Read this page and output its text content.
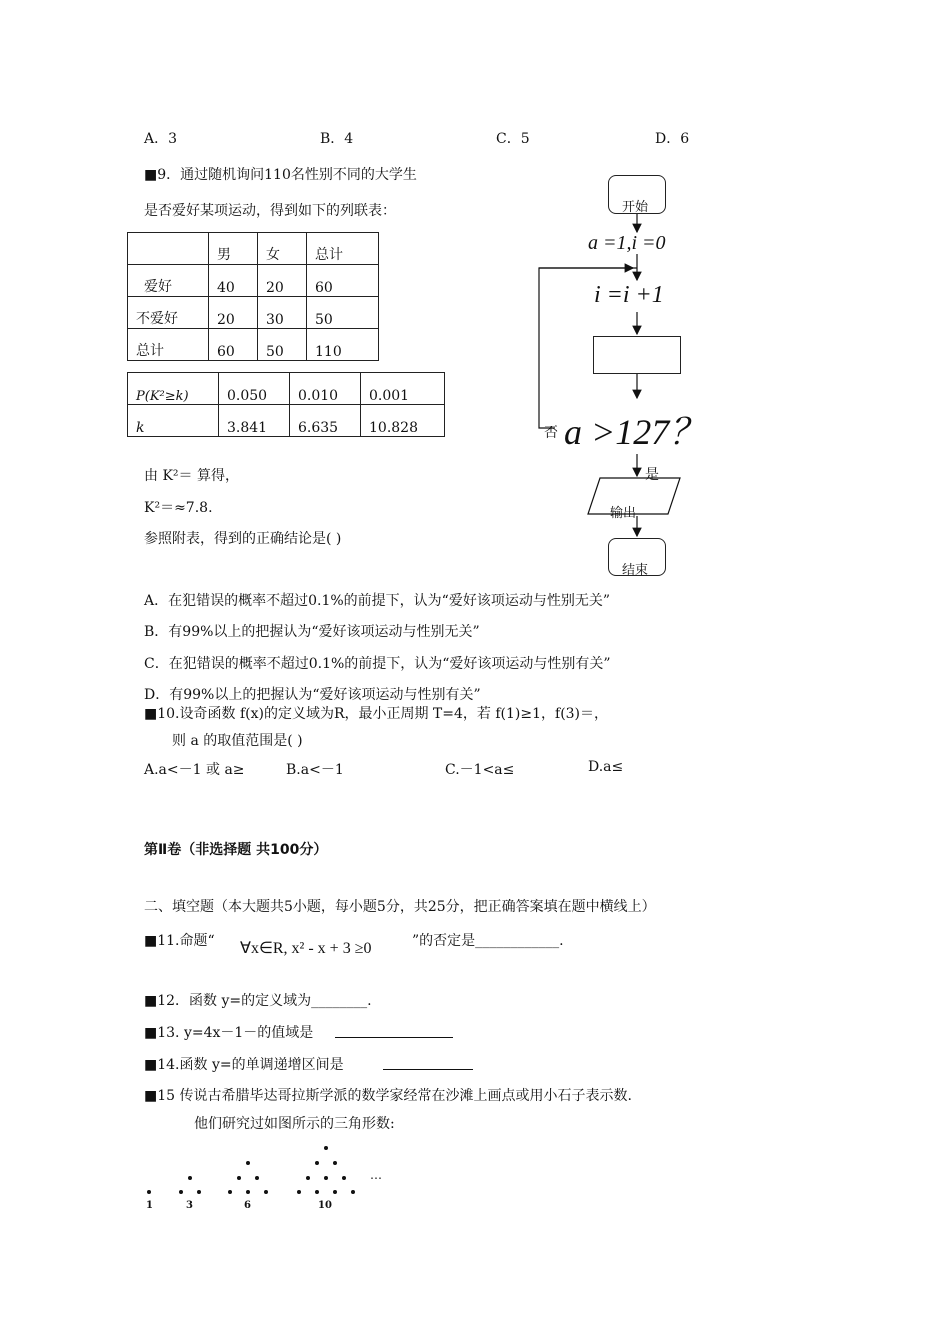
A．3	B．4	C．5	D．6
■9．通过随机询问110名性别不同的大学生
是否爱好某项运动，得到如下的列联表：
	男	女	总计
爱好	40	20	60
不爱好	20	30	50
总计	60	50	110
P(K²≥k)	0.050	0.010	0.001
k	3.841	6.635	10.828
由 K²＝ 算得，
K²＝≈7.8.
参照附表，得到的正确结论是( )
开始
a =1,i =0
i =i +1
否 a >127？
是
输出
结束
A．在犯错误的概率不超过0.1%的前提下，认为“爱好该项运动与性别无关”
B．有99%以上的把握认为“爱好该项运动与性别无关”
C．在犯错误的概率不超过0.1%的前提下，认为“爱好该项运动与性别有关”
D．有99%以上的把握认为“爱好该项运动与性别有关”
■10.设奇函数 f(x)的定义域为R，最小正周期 T=4，若 f(1)≥1，f(3)＝，
则 a 的取值范围是( )
A.a<－1 或 a≥	B.a<－1	C.－1<a≤	D.a≤
第Ⅱ卷（非选择题 共100分）
二、填空题（本大题共5小题，每小题5分，共25分，把正确答案填在题中横线上）
■11.命题“ ∀x∈R, x² - x + 3 ≥0	”的否定是____________.
■12．函数 y=的定义域为________.
■13. y=4x－1－的值域是
■14.函数 y=的单调递增区间是
■15 传说古希腊毕达哥拉斯学派的数学家经常在沙滩上画点或用小石子表示数.
他们研究过如图所示的三角形数:
1	3	6	10
…
